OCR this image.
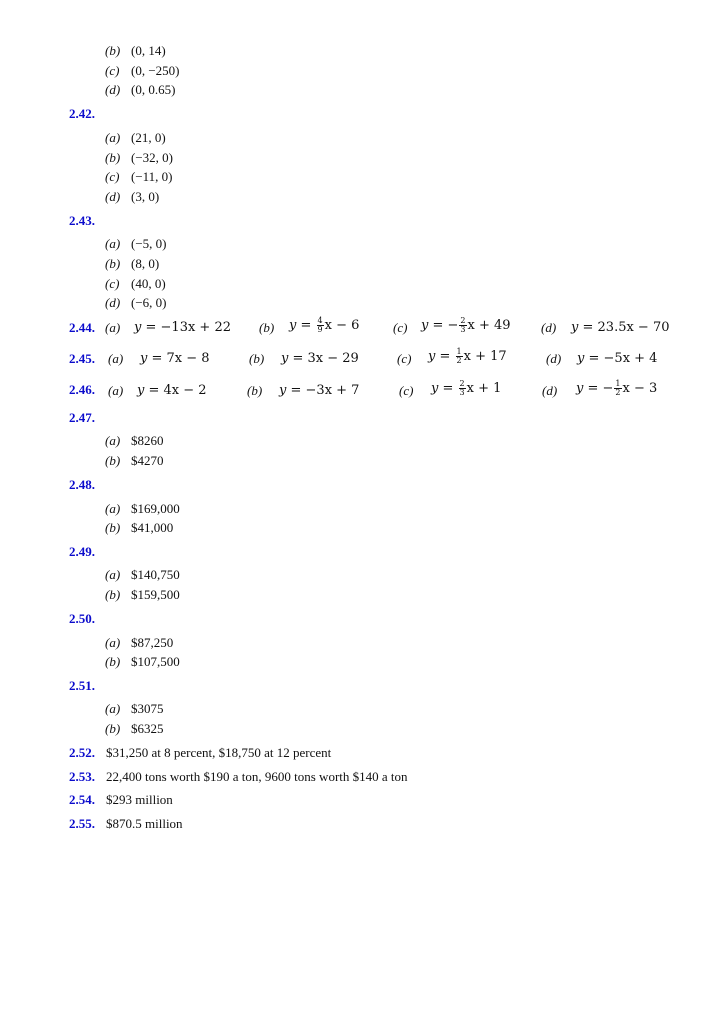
(b) (0, 14)
(c) (0, −250)
(d) (0, 0.65)
2.42.
(a) (21, 0)
(b) (−32, 0)
(c) (−11, 0)
(d) (3, 0)
2.43.
(a) (−5, 0)
(b) (8, 0)
(c) (40, 0)
(d) (−6, 0)
2.44. (a) y = −13x + 22 (b) $y = \frac{4}{9}$ x − 6	(c) y = − $\frac{2}{3}$ x + 49 (d) y = 23.5x − 70
2.45. (a) y = 7x − 8	(b) y = 3x − 29	(c) $y = \frac{1}{2}$ x + 17	(d) y = −5x + 4
2.46. (a) y = 4x − 2	(b) y = −3x + 7	(c) $y = \frac{2}{3}$ x + 1	(d) y = − $\frac{1}{2}$ x − 3
2.47.
(a) $8260
(b) $4270
2.48.
(a) $169,000
(b) $41,000
2.49.
(a) $140,750
(b) $159,500
2.50.
(a) $87,250
(b) $107,500
2.51.
(a) $3075
(b) $6325
2.52. $31,250 at 8 percent, $18,750 at 12 percent
2.53. 22,400 tons worth $190 a ton, 9600 tons worth $140 a ton
2.54. $293 million
2.55. $870.5 million
